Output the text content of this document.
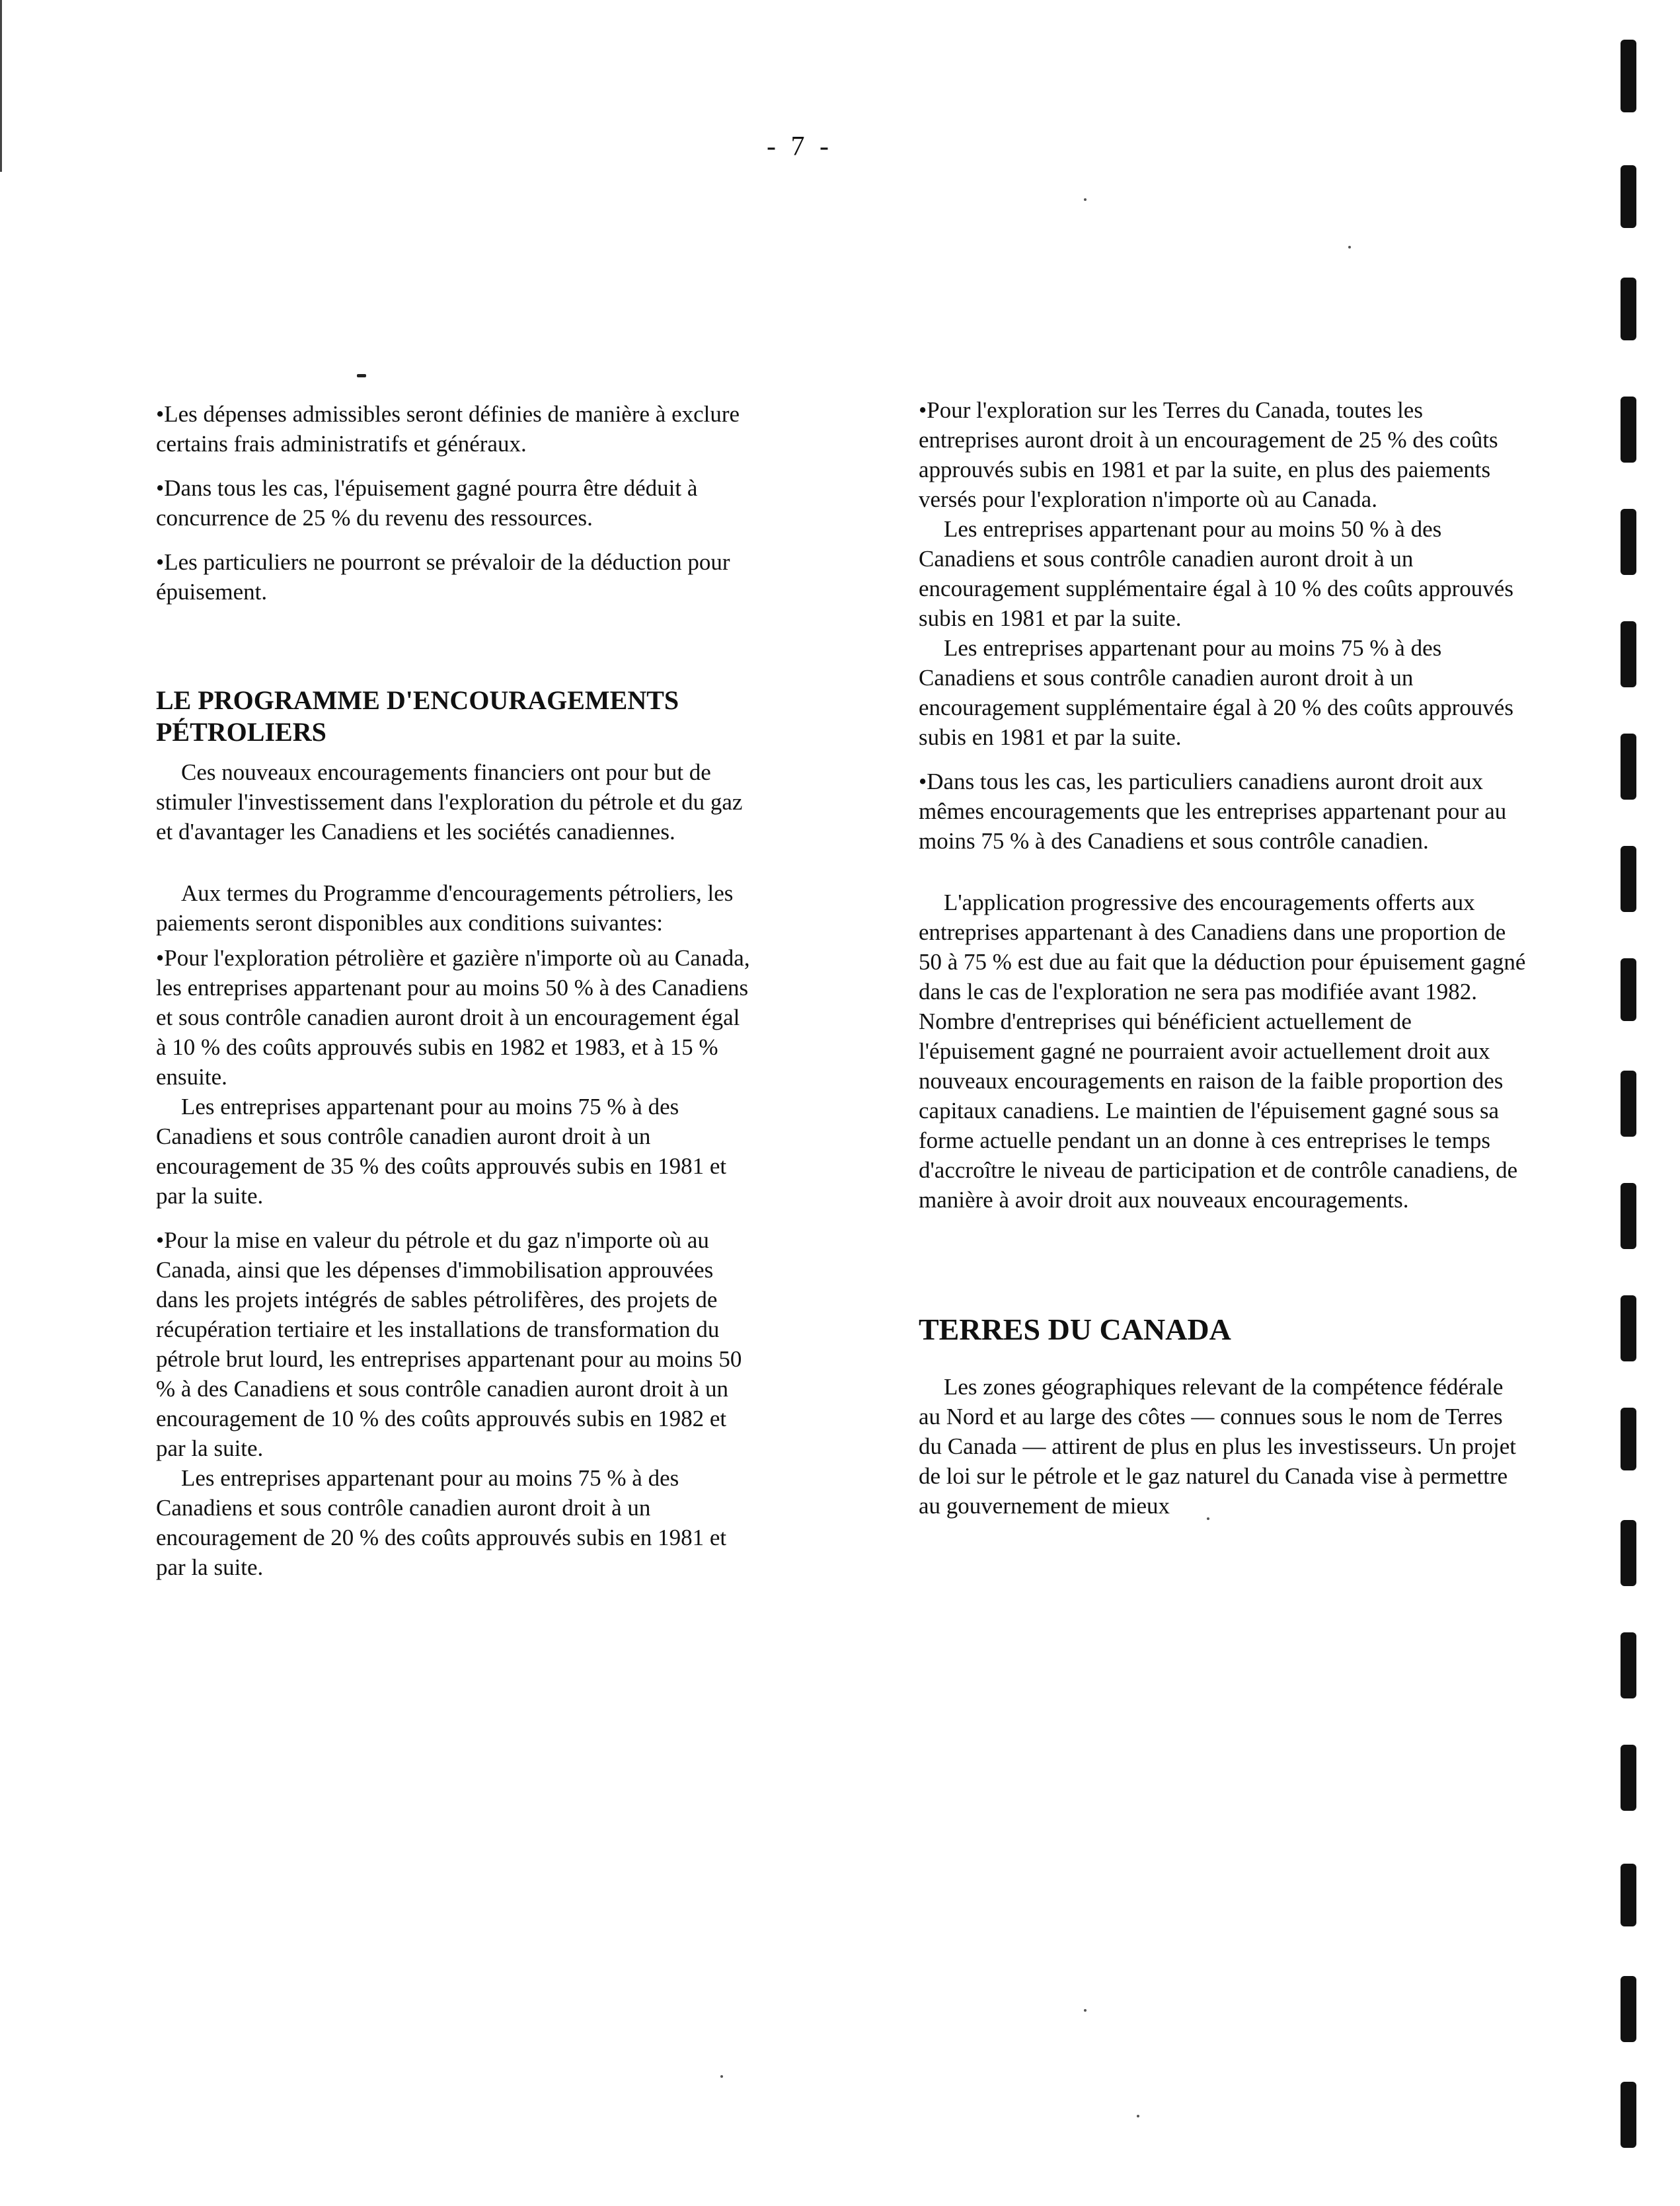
- 7 -

•Les dépenses admissibles seront définies de manière à exclure certains frais administratifs et généraux.

•Dans tous les cas, l'épuisement gagné pourra être déduit à concurrence de 25 % du revenu des ressources.

•Les particuliers ne pourront se prévaloir de la déduction pour épuisement.

LE PROGRAMME D'ENCOURAGEMENTS PÉTROLIERS

Ces nouveaux encouragements financiers ont pour but de stimuler l'investissement dans l'exploration du pétrole et du gaz et d'avantager les Canadiens et les sociétés canadiennes.

Aux termes du Programme d'encouragements pétroliers, les paiements seront disponibles aux conditions suivantes:

•Pour l'exploration pétrolière et gazière n'importe où au Canada, les entreprises appartenant pour au moins 50 % à des Canadiens et sous contrôle canadien auront droit à un encouragement égal à 10 % des coûts approuvés subis en 1982 et 1983, et à 15 % ensuite.

Les entreprises appartenant pour au moins 75 % à des Canadiens et sous contrôle canadien auront droit à un encouragement de 35 % des coûts approuvés subis en 1981 et par la suite.

•Pour la mise en valeur du pétrole et du gaz n'importe où au Canada, ainsi que les dépenses d'immobilisation approuvées dans les projets intégrés de sables pétrolifères, des projets de récupération tertiaire et les installations de transformation du pétrole brut lourd, les entreprises appartenant pour au moins 50 % à des Canadiens et sous contrôle canadien auront droit à un encouragement de 10 % des coûts approuvés subis en 1982 et par la suite.

Les entreprises appartenant pour au moins 75 % à des Canadiens et sous contrôle canadien auront droit à un encouragement de 20 % des coûts approuvés subis en 1981 et par la suite.

•Pour l'exploration sur les Terres du Canada, toutes les entreprises auront droit à un encouragement de 25 % des coûts approuvés subis en 1981 et par la suite, en plus des paiements versés pour l'exploration n'importe où au Canada.

Les entreprises appartenant pour au moins 50 % à des Canadiens et sous contrôle canadien auront droit à un encouragement supplémentaire égal à 10 % des coûts approuvés subis en 1981 et par la suite.

Les entreprises appartenant pour au moins 75 % à des Canadiens et sous contrôle canadien auront droit à un encouragement supplémentaire égal à 20 % des coûts approuvés subis en 1981 et par la suite.

•Dans tous les cas, les particuliers canadiens auront droit aux mêmes encouragements que les entreprises appartenant pour au moins 75 % à des Canadiens et sous contrôle canadien.

L'application progressive des encouragements offerts aux entreprises appartenant à des Canadiens dans une proportion de 50 à 75 % est due au fait que la déduction pour épuisement gagné dans le cas de l'exploration ne sera pas modifiée avant 1982. Nombre d'entreprises qui bénéficient actuellement de l'épuisement gagné ne pourraient avoir actuellement droit aux nouveaux encouragements en raison de la faible proportion des capitaux canadiens. Le maintien de l'épuisement gagné sous sa forme actuelle pendant un an donne à ces entreprises le temps d'accroître le niveau de participation et de contrôle canadiens, de manière à avoir droit aux nouveaux encouragements.

TERRES DU CANADA

Les zones géographiques relevant de la compétence fédérale au Nord et au large des côtes — connues sous le nom de Terres du Canada — attirent de plus en plus les investisseurs. Un projet de loi sur le pétrole et le gaz naturel du Canada vise à permettre au gouvernement de mieux
